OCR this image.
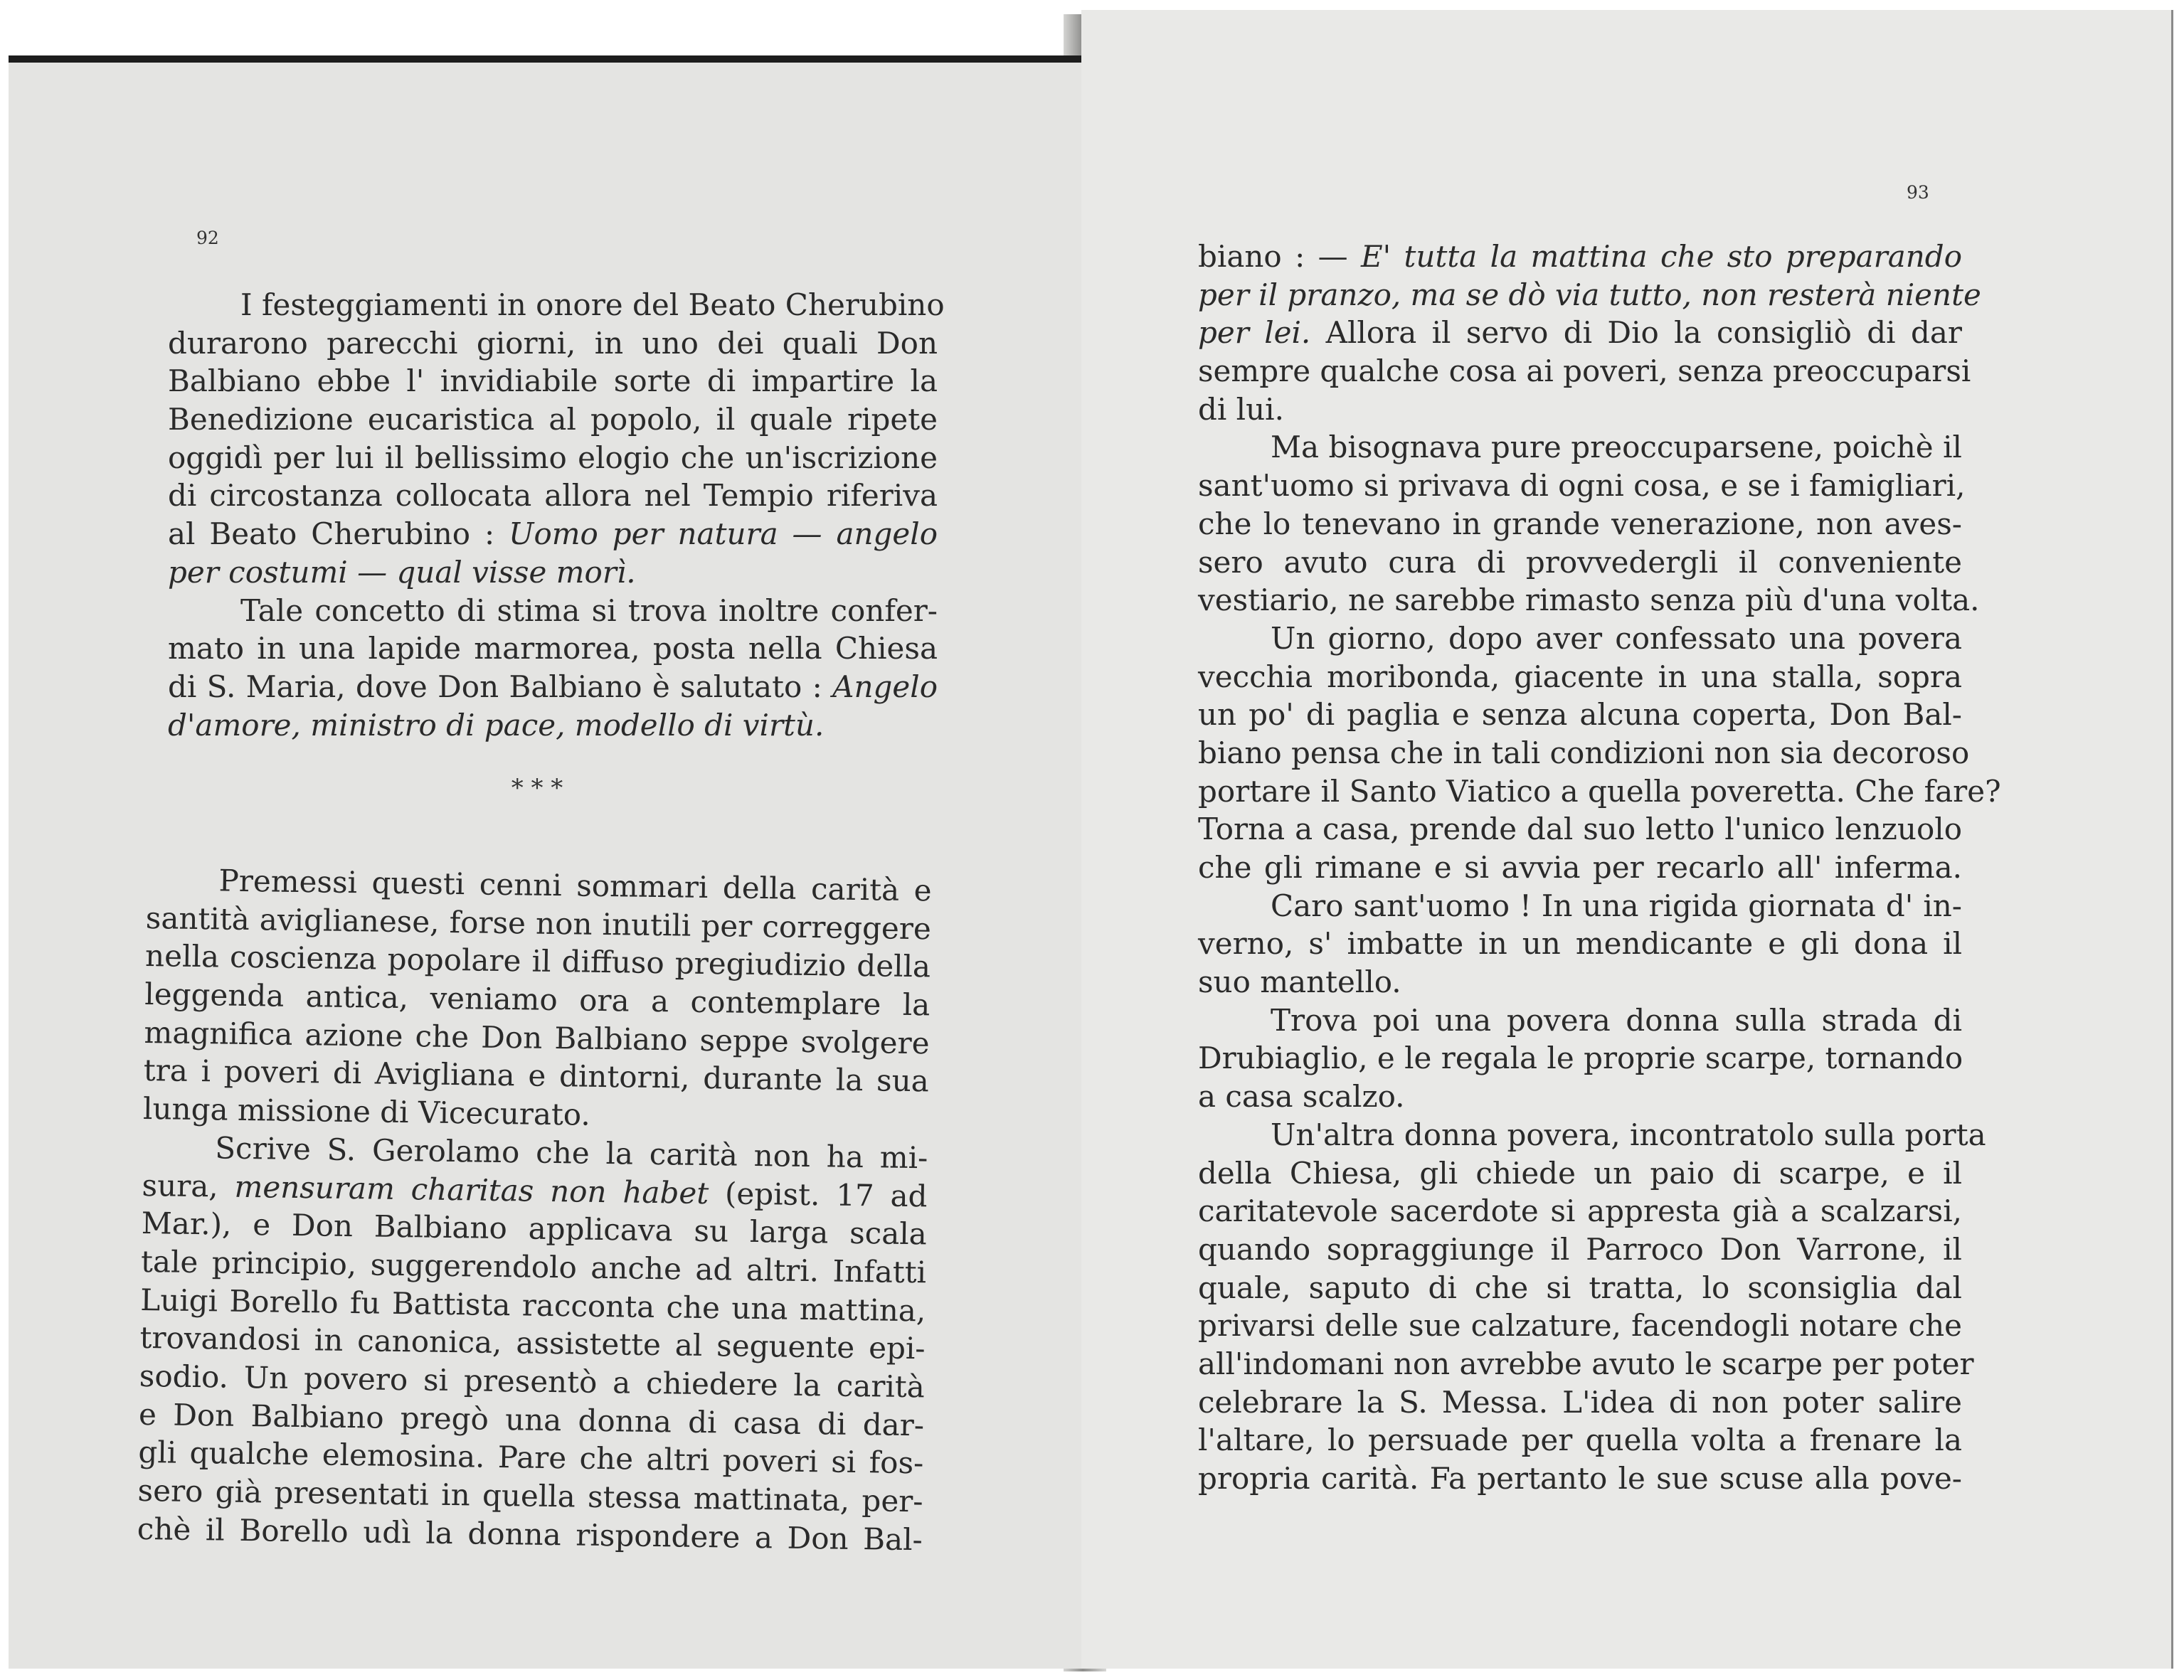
92
93
I festeggiamenti in onore del Beato Cherubino
durarono parecchi giorni, in uno dei quali Don
Balbiano ebbe l' invidiabile sorte di impartire la
Benedizione eucaristica al popolo, il quale ripete
oggidì per lui il bellissimo elogio che un'iscrizione
di circostanza collocata allora nel Tempio riferiva
al Beato Cherubino : Uomo per natura — angelo
per costumi — qual visse morì.
Tale concetto di stima si trova inoltre confer-
mato in una lapide marmorea, posta nella Chiesa
di S. Maria, dove Don Balbiano è salutato : Angelo
d'amore, ministro di pace, modello di virtù.
* * *
Premessi questi cenni sommari della carità e
santità aviglianese, forse non inutili per correggere
nella coscienza popolare il diffuso pregiudizio della
leggenda antica, veniamo ora a contemplare la
magnifica azione che Don Balbiano seppe svolgere
tra i poveri di Avigliana e dintorni, durante la sua
lunga missione di Vicecurato.
Scrive S. Gerolamo che la carità non ha mi-
sura, mensuram charitas non habet (epist. 17 ad
Mar.), e Don Balbiano applicava su larga scala
tale principio, suggerendolo anche ad altri. Infatti
Luigi Borello fu Battista racconta che una mattina,
trovandosi in canonica, assistette al seguente epi-
sodio. Un povero si presentò a chiedere la carità
e Don Balbiano pregò una donna di casa di dar-
gli qualche elemosina. Pare che altri poveri si fos-
sero già presentati in quella stessa mattinata, per-
chè il Borello udì la donna rispondere a Don Bal-
biano : — E' tutta la mattina che sto preparando
per il pranzo, ma se dò via tutto, non resterà niente
per lei. Allora il servo di Dio la consigliò di dar
sempre qualche cosa ai poveri, senza preoccuparsi
di lui.
Ma bisognava pure preoccuparsene, poichè il
sant'uomo si privava di ogni cosa, e se i famigliari,
che lo tenevano in grande venerazione, non aves-
sero avuto cura di provvedergli il conveniente
vestiario, ne sarebbe rimasto senza più d'una volta.
Un giorno, dopo aver confessato una povera
vecchia moribonda, giacente in una stalla, sopra
un po' di paglia e senza alcuna coperta, Don Bal-
biano pensa che in tali condizioni non sia decoroso
portare il Santo Viatico a quella poveretta. Che fare?
Torna a casa, prende dal suo letto l'unico lenzuolo
che gli rimane e si avvia per recarlo all' inferma.
Caro sant'uomo ! In una rigida giornata d' in-
verno, s' imbatte in un mendicante e gli dona il
suo mantello.
Trova poi una povera donna sulla strada di
Drubiaglio, e le regala le proprie scarpe, tornando
a casa scalzo.
Un'altra donna povera, incontratolo sulla porta
della Chiesa, gli chiede un paio di scarpe, e il
caritatevole sacerdote si appresta già a scalzarsi,
quando sopraggiunge il Parroco Don Varrone, il
quale, saputo di che si tratta, lo sconsiglia dal
privarsi delle sue calzature, facendogli notare che
all'indomani non avrebbe avuto le scarpe per poter
celebrare la S. Messa. L'idea di non poter salire
l'altare, lo persuade per quella volta a frenare la
propria carità. Fa pertanto le sue scuse alla pove-
